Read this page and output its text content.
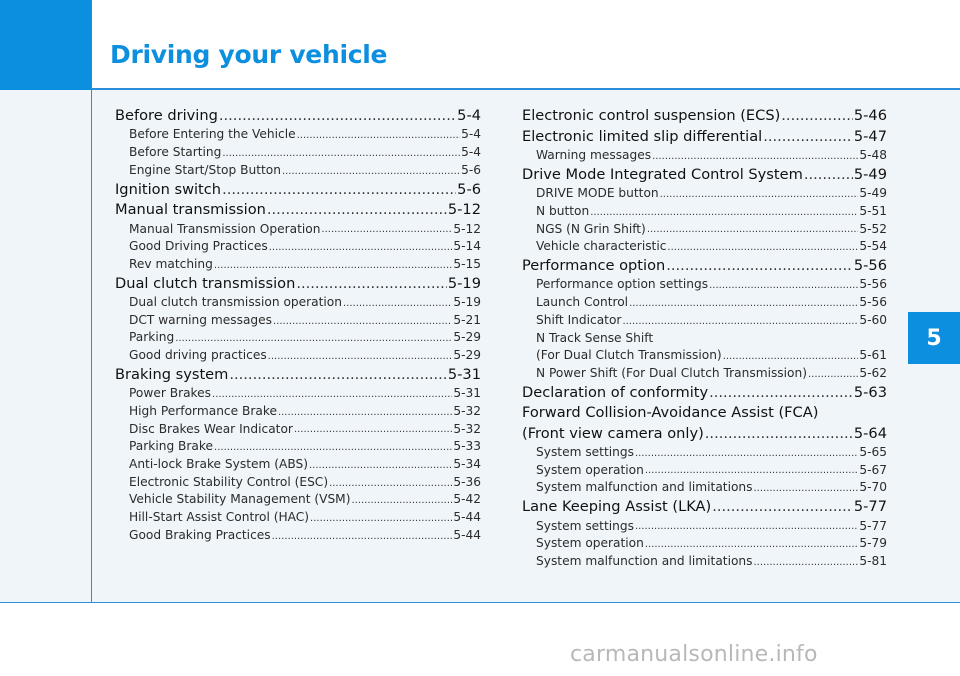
Driving your vehicle
5
Before driving .....	5-4
Before Entering the Vehicle .....	5-4
Before Starting .....	5-4
Engine Start/Stop Button .....	5-6
Ignition switch .....	5-6
Manual transmission .....	5-12
Manual Transmission Operation .....	5-12
Good Driving Practices .....	5-14
Rev matching .....	5-15
Dual clutch transmission .....	5-19
Dual clutch transmission operation .....	5-19
DCT warning messages .....	5-21
Parking .....	5-29
Good driving practices .....	5-29
Braking system .....	5-31
Power Brakes .....	5-31
High Performance Brake .....	5-32
Disc Brakes Wear Indicator .....	5-32
Parking Brake .....	5-33
Anti-lock Brake System (ABS) .....	5-34
Electronic Stability Control (ESC) .....	5-36
Vehicle Stability Management (VSM) .....	5-42
Hill-Start Assist Control (HAC) .....	5-44
Good Braking Practices .....	5-44
Electronic control suspension (ECS) .....	5-46
Electronic limited slip differential .....	5-47
Warning messages .....	5-48
Drive Mode Integrated Control System .....	5-49
DRIVE MODE button .....	5-49
N button .....	5-51
NGS (N Grin Shift) .....	5-52
Vehicle characteristic .....	5-54
Performance option .....	5-56
Performance option settings .....	5-56
Launch Control .....	5-56
Shift Indicator .....	5-60
N Track Sense Shift
(For Dual Clutch Transmission) .....	5-61
N Power Shift (For Dual Clutch Transmission) .....	5-62
Declaration of conformity .....	5-63
Forward Collision-Avoidance Assist (FCA)
(Front view camera only) .....	5-64
System settings .....	5-65
System operation .....	5-67
System malfunction and limitations .....	5-70
Lane Keeping Assist (LKA) .....	5-77
System settings .....	5-77
System operation .....	5-79
System malfunction and limitations .....	5-81
carmanualsonline.info
